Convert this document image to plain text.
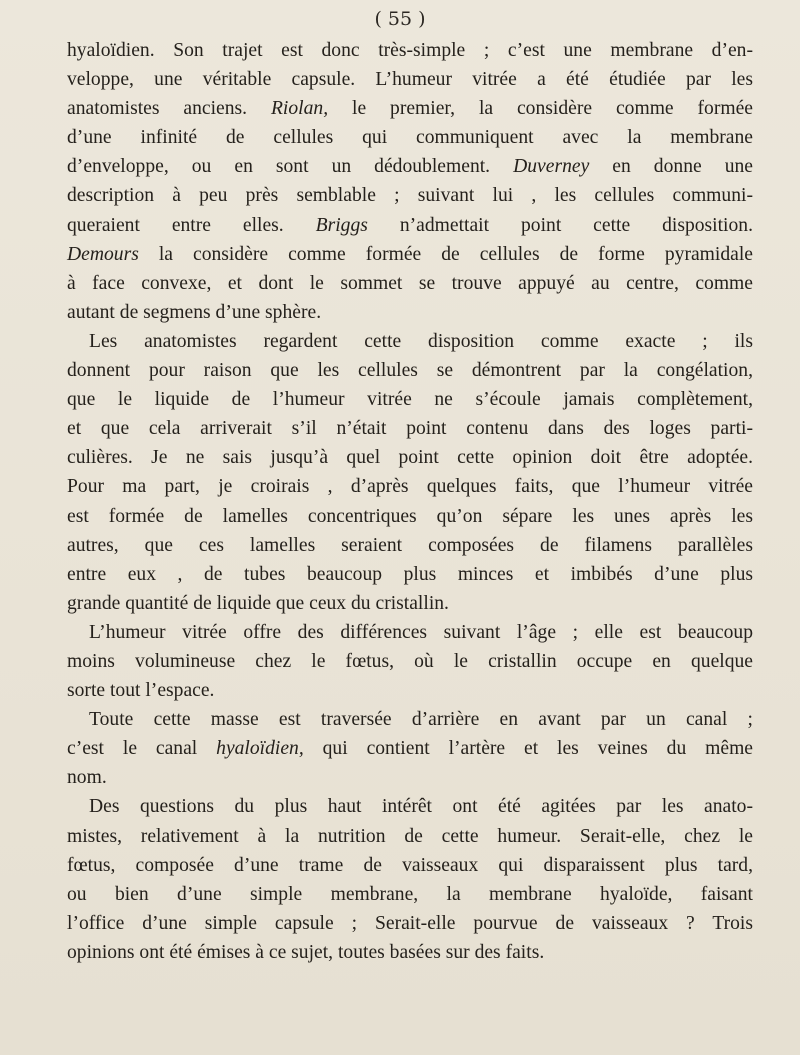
( 55 )
hyaloïdien. Son trajet est donc très-simple ; c’est une membrane d’en-
veloppe, une véritable capsule. L’humeur vitrée a été étudiée par les
anatomistes anciens. Riolan, le premier, la considère comme formée
d’une infinité de cellules qui communiquent avec la membrane
d’enveloppe, ou en sont un dédoublement. Duverney en donne une
description à peu près semblable ; suivant lui , les cellules communi-
queraient entre elles. Briggs n’admettait point cette disposition.
Demours la considère comme formée de cellules de forme pyramidale
à face convexe, et dont le sommet se trouve appuyé au centre, comme
autant de segmens d’une sphère.
Les anatomistes regardent cette disposition comme exacte ; ils
donnent pour raison que les cellules se démontrent par la congélation,
que le liquide de l’humeur vitrée ne s’écoule jamais complètement,
et que cela arriverait s’il n’était point contenu dans des loges parti-
culières. Je ne sais jusqu’à quel point cette opinion doit être adoptée.
Pour ma part, je croirais , d’après quelques faits, que l’humeur vitrée
est formée de lamelles concentriques qu’on sépare les unes après les
autres, que ces lamelles seraient composées de filamens parallèles
entre eux , de tubes beaucoup plus minces et imbibés d’une plus
grande quantité de liquide que ceux du cristallin.
L’humeur vitrée offre des différences suivant l’âge ; elle est beaucoup
moins volumineuse chez le fœtus, où le cristallin occupe en quelque
sorte tout l’espace.
Toute cette masse est traversée d’arrière en avant par un canal ;
c’est le canal hyaloïdien, qui contient l’artère et les veines du même
nom.
Des questions du plus haut intérêt ont été agitées par les anato-
mistes, relativement à la nutrition de cette humeur. Serait-elle, chez le
fœtus, composée d’une trame de vaisseaux qui disparaissent plus tard,
ou bien d’une simple membrane, la membrane hyaloïde, faisant
l’office d’une simple capsule ; Serait-elle pourvue de vaisseaux ? Trois
opinions ont été émises à ce sujet, toutes basées sur des faits.
